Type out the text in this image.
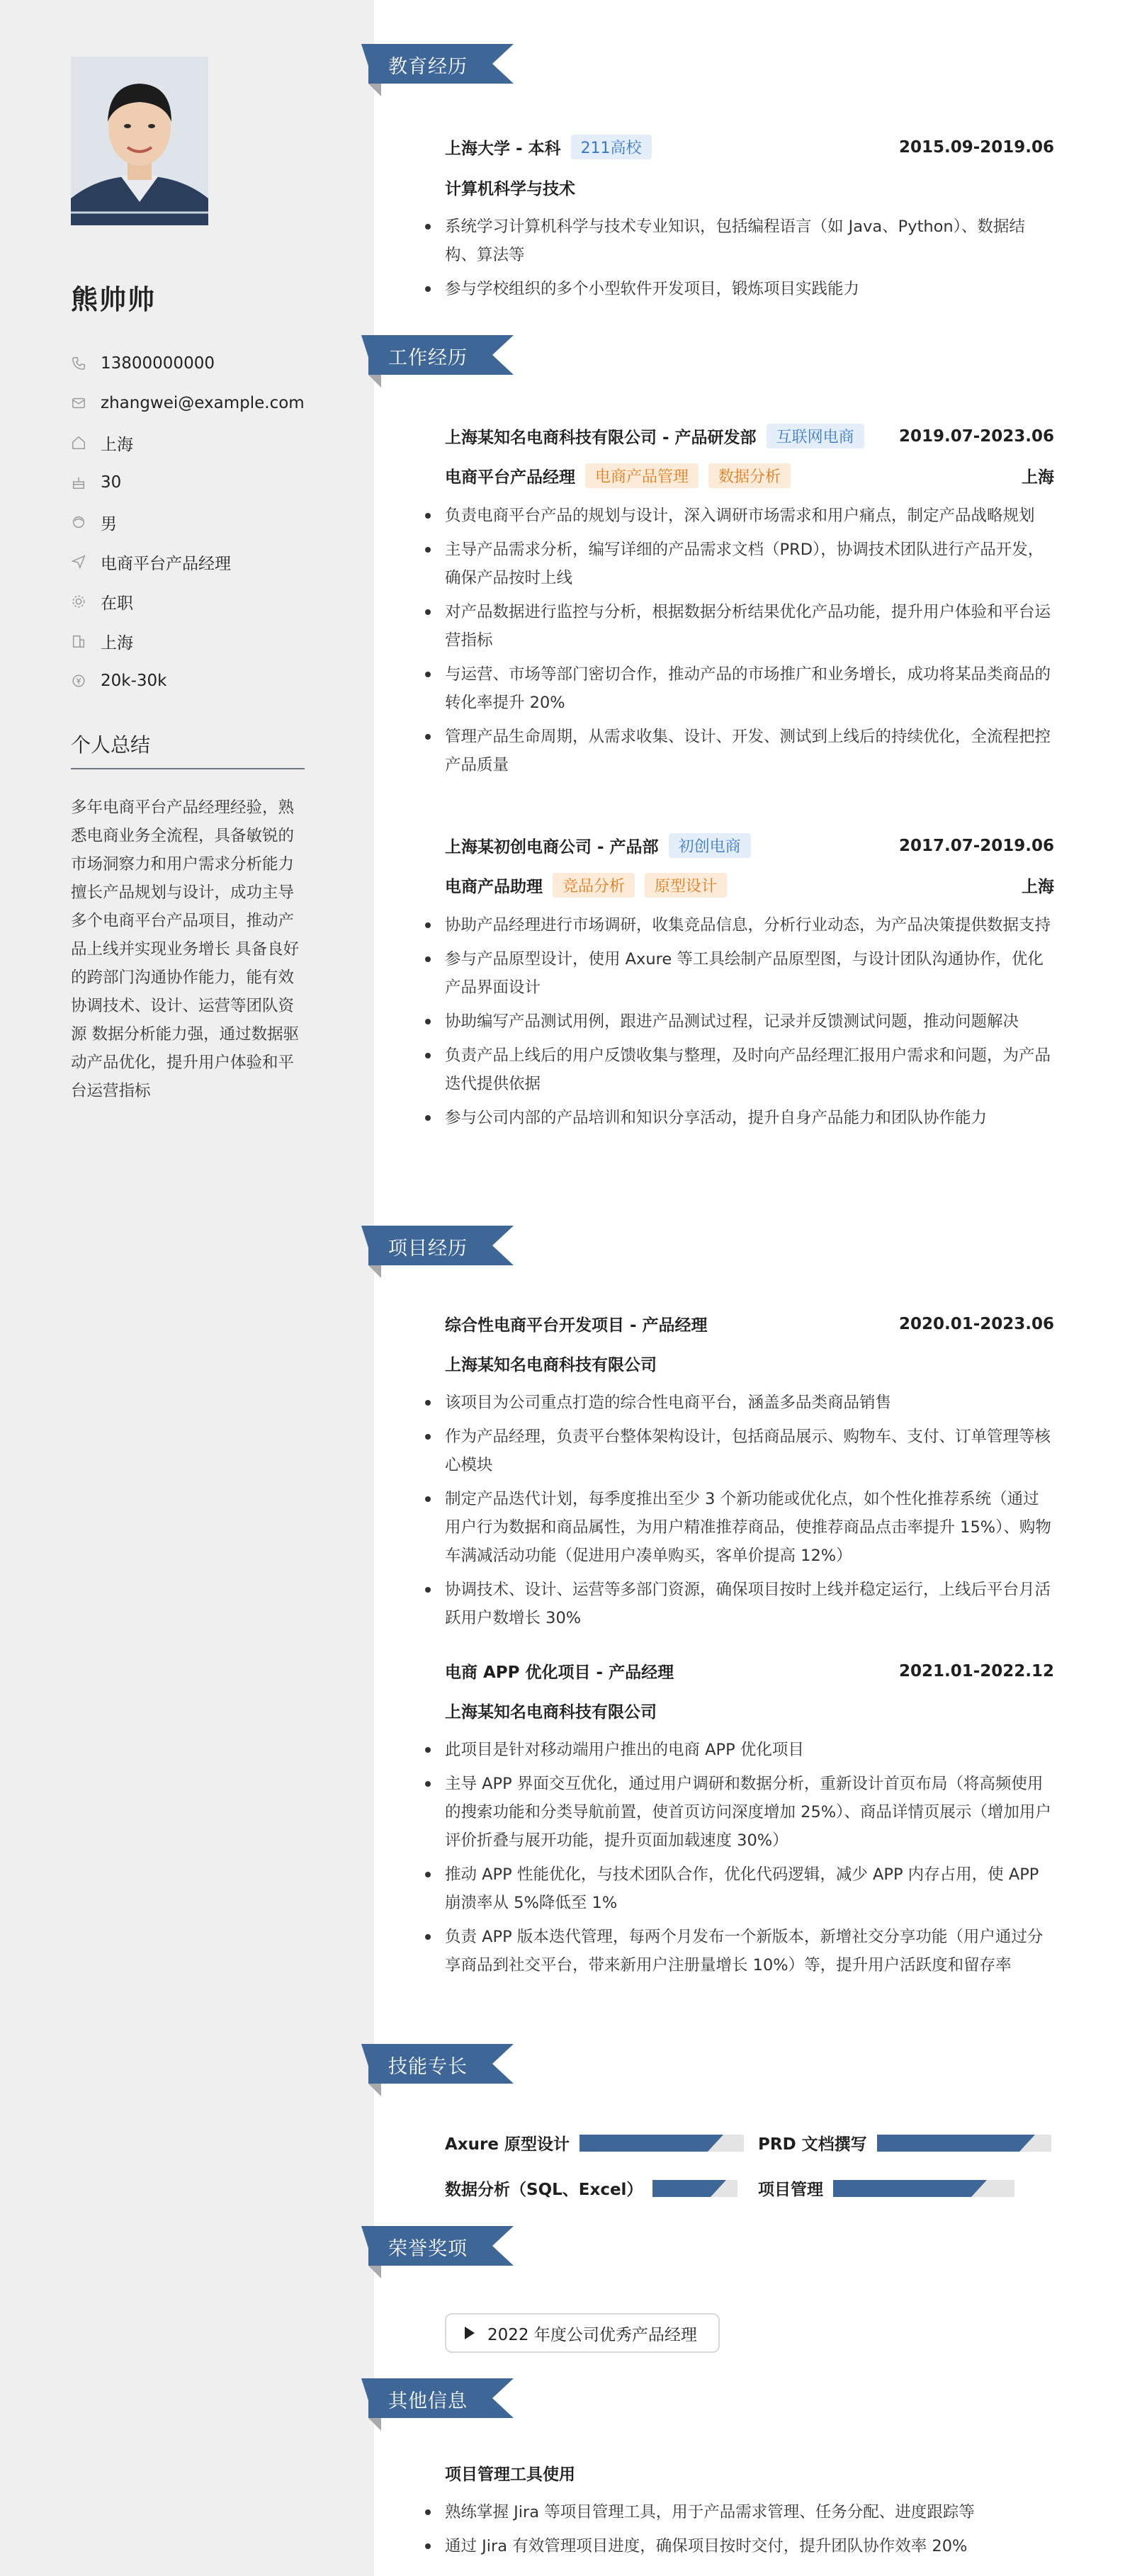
熊帅帅
13800000000
zhangwei@example.com
上海
30
男
电商平台产品经理
在职
上海
20k-30k
个人总结
多年电商平台产品经理经验，熟悉电商业务全流程，具备敏锐的市场洞察力和用户需求分析能力 擅长产品规划与设计，成功主导多个电商平台产品项目，推动产品上线并实现业务增长 具备良好的跨部门沟通协作能力，能有效协调技术、设计、运营等团队资源 数据分析能力强，通过数据驱动产品优化，提升用户体验和平台运营指标
教育经历
工作经历
项目经历
技能专长
荣誉奖项
其他信息
上海大学 - 本科	211高校	2015.09-2019.06
计算机科学与技术
系统学习计算机科学与技术专业知识，包括编程语言（如 Java、Python）、数据结构、算法等
参与学校组织的多个小型软件开发项目，锻炼项目实践能力
上海某知名电商科技有限公司 - 产品研发部	互联网电商	2019.07-2023.06
电商平台产品经理	电商产品管理	数据分析	上海
负责电商平台产品的规划与设计，深入调研市场需求和用户痛点，制定产品战略规划
主导产品需求分析，编写详细的产品需求文档（PRD），协调技术团队进行产品开发，确保产品按时上线
对产品数据进行监控与分析，根据数据分析结果优化产品功能，提升用户体验和平台运营指标
与运营、市场等部门密切合作，推动产品的市场推广和业务增长，成功将某品类商品的转化率提升 20%
管理产品生命周期，从需求收集、设计、开发、测试到上线后的持续优化，全流程把控产品质量
上海某初创电商公司 - 产品部	初创电商	2017.07-2019.06
电商产品助理	竞品分析	原型设计	上海
协助产品经理进行市场调研，收集竞品信息，分析行业动态，为产品决策提供数据支持
参与产品原型设计，使用 Axure 等工具绘制产品原型图，与设计团队沟通协作，优化产品界面设计
协助编写产品测试用例，跟进产品测试过程，记录并反馈测试问题，推动问题解决
负责产品上线后的用户反馈收集与整理，及时向产品经理汇报用户需求和问题，为产品迭代提供依据
参与公司内部的产品培训和知识分享活动，提升自身产品能力和团队协作能力
综合性电商平台开发项目 - 产品经理	2020.01-2023.06
上海某知名电商科技有限公司
该项目为公司重点打造的综合性电商平台，涵盖多品类商品销售
作为产品经理，负责平台整体架构设计，包括商品展示、购物车、支付、订单管理等核心模块
制定产品迭代计划，每季度推出至少 3 个新功能或优化点，如个性化推荐系统（通过用户行为数据和商品属性，为用户精准推荐商品，使推荐商品点击率提升 15%）、购物车满减活动功能（促进用户凑单购买，客单价提高 12%）
协调技术、设计、运营等多部门资源，确保项目按时上线并稳定运行，上线后平台月活跃用户数增长 30%
电商 APP 优化项目 - 产品经理	2021.01-2022.12
上海某知名电商科技有限公司
此项目是针对移动端用户推出的电商 APP 优化项目
主导 APP 界面交互优化，通过用户调研和数据分析，重新设计首页布局（将高频使用的搜索功能和分类导航前置，使首页访问深度增加 25%）、商品详情页展示（增加用户评价折叠与展开功能，提升页面加载速度 30%）
推动 APP 性能优化，与技术团队合作，优化代码逻辑，减少 APP 内存占用，使 APP 崩溃率从 5%降低至 1%
负责 APP 版本迭代管理，每两个月发布一个新版本，新增社交分享功能（用户通过分享商品到社交平台，带来新用户注册量增长 10%）等，提升用户活跃度和留存率
Axure 原型设计	PRD 文档撰写
数据分析（SQL、Excel）	项目管理
2022 年度公司优秀产品经理
项目管理工具使用
熟练掌握 Jira 等项目管理工具，用于产品需求管理、任务分配、进度跟踪等
通过 Jira 有效管理项目进度，确保项目按时交付，提升团队协作效率 20%
